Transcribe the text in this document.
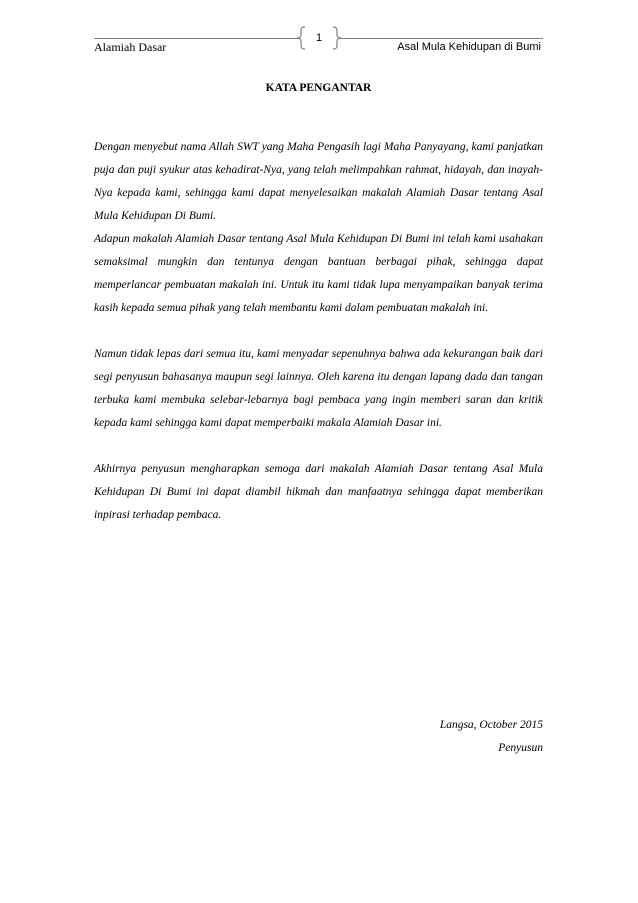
1
Alamiah Dasar	Asal Mula Kehidupan di Bumi
KATA PENGANTAR

Dengan menyebut nama Allah SWT yang Maha Pengasih lagi Maha Panyayang, kami panjatkan puja dan puji syukur atas kehadirat-Nya, yang telah melimpahkan rahmat, hidayah, dan inayah-Nya kepada kami, sehingga kami dapat menyelesaikan makalah Alamiah Dasar tentang Asal Mula Kehidupan Di Bumi.

Adapun makalah Alamiah Dasar tentang Asal Mula Kehidupan Di Bumi ini telah kami usahakan semaksimal mungkin dan tentunya dengan bantuan berbagai pihak, sehingga dapat memperlancar pembuatan makalah ini. Untuk itu kami tidak lupa menyampaikan banyak terima kasih kepada semua pihak yang telah membantu kami dalam pembuatan makalah ini.

Namun tidak lepas dari semua itu, kami menyadar sepenuhnya bahwa ada kekurangan baik dari segi penyusun bahasanya maupun segi lainnya. Oleh karena itu dengan lapang dada dan tangan terbuka kami membuka selebar-lebarnya bagi pembaca yang ingin memberi saran dan kritik kepada kami sehingga kami dapat memperbaiki makala Alamiah Dasar ini.

Akhirnya penyusun mengharapkan semoga dari makalah Alamiah Dasar tentang Asal Mula Kehidupan Di Bumi ini dapat diambil hikmah dan manfaatnya sehingga dapat memberikan inpirasi terhadap pembaca.

Langsa, October 2015
Penyusun
